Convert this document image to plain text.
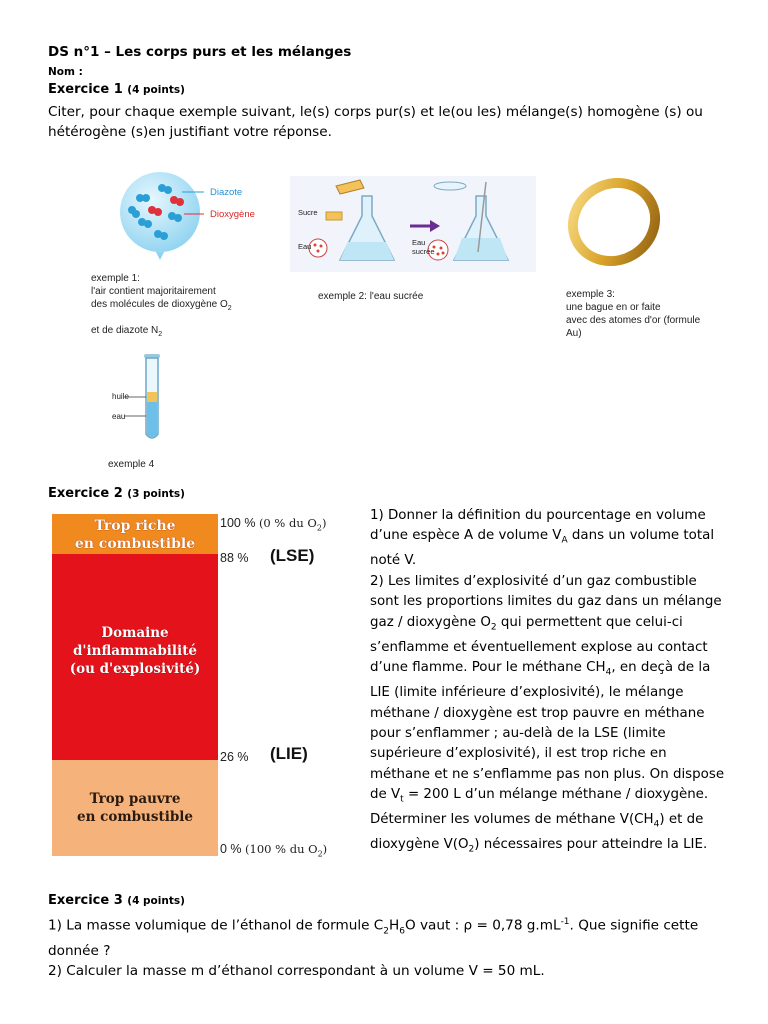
DS n°1 – Les corps purs et les mélanges
Nom :
Exercice 1 (4 points)
Citer, pour chaque exemple suivant, le(s) corps pur(s) et le(ou les) mélange(s) homogène (s) ou
hétérogène (s)en justifiant votre réponse.
Diazote
Dioxygène
exemple 1:
l'air contient majoritairement
des molécules de dioxygène $O_2$
et de diazote $N_2$
Sucre
Eau	Eau
sucrée
exemple 2: l'eau sucrée	exemple 3:
une bague en or faite
avec des atomes d'or (formule
Au)
huile
eau
exemple 4
Exercice 2 (3 points)
Trop riche
en combustible
Domaine
d'inflammabilité
(ou d'explosivité)
Trop pauvre
en combustible
100 % (0 % du $O_2$)
88 % (LSE)
26 % (LIE)
0 % (100 % du $O_2$)

1) Donner la définition du pourcentage en volume d’une espèce A de volume $V_A$ dans un volume total noté V.

2) Les limites d’explosivité d’un gaz combustible sont les proportions limites du gaz dans un mélange gaz / dioxygène $O_2$ qui permettent que celui-ci s’enflamme et éventuellement explose au contact d’une flamme. Pour le méthane $CH_4$, en deçà de la LIE (limite inférieure d’explosivité), le mélange méthane / dioxygène est trop pauvre en méthane pour s’enflammer ; au-delà de la LSE (limite supérieure d’explosivité), il est trop riche en méthane et ne s’enflamme pas non plus. On dispose de $V_t = 200$ L d’un mélange méthane / dioxygène. Déterminer les volumes de méthane $V(CH_4)$ et de dioxygène $V(O_2)$ nécessaires pour atteindre la LIE.

Exercice 3 (4 points)
1) La masse volumique de l’éthanol de formule $C_2H_6O$ vaut : ρ = 0,78 $g.mL^{-1}$. Que signifie cette
donnée ?
2) Calculer la masse m d’éthanol correspondant à un volume V = 50 mL.
